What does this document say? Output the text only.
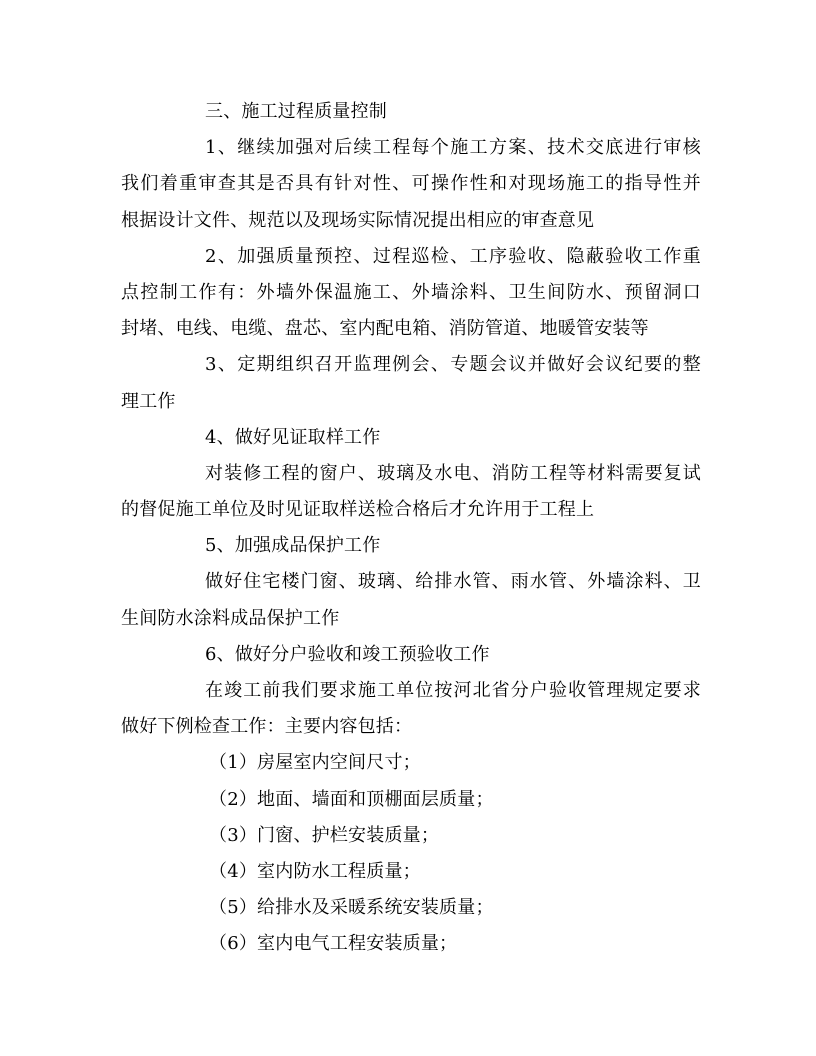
三、施工过程质量控制
1、继续加强对后续工程每个施工方案、技术交底进行审核
我们着重审查其是否具有针对性、可操作性和对现场施工的指导性并
根据设计文件、规范以及现场实际情况提出相应的审查意见
2、加强质量预控、过程巡检、工序验收、隐蔽验收工作重
点控制工作有：外墙外保温施工、外墙涂料、卫生间防水、预留洞口
封堵、电线、电缆、盘芯、室内配电箱、消防管道、地暖管安装等
3、定期组织召开监理例会、专题会议并做好会议纪要的整
理工作
4、做好见证取样工作
对装修工程的窗户、玻璃及水电、消防工程等材料需要复试
的督促施工单位及时见证取样送检合格后才允许用于工程上
5、加强成品保护工作
做好住宅楼门窗、玻璃、给排水管、雨水管、外墙涂料、卫
生间防水涂料成品保护工作
6、做好分户验收和竣工预验收工作
在竣工前我们要求施工单位按河北省分户验收管理规定要求
做好下例检查工作：主要内容包括：
（1）房屋室内空间尺寸；
（2）地面、墙面和顶棚面层质量；
（3）门窗、护栏安装质量；
（4）室内防水工程质量；
（5）给排水及采暖系统安装质量；
（6）室内电气工程安装质量；
